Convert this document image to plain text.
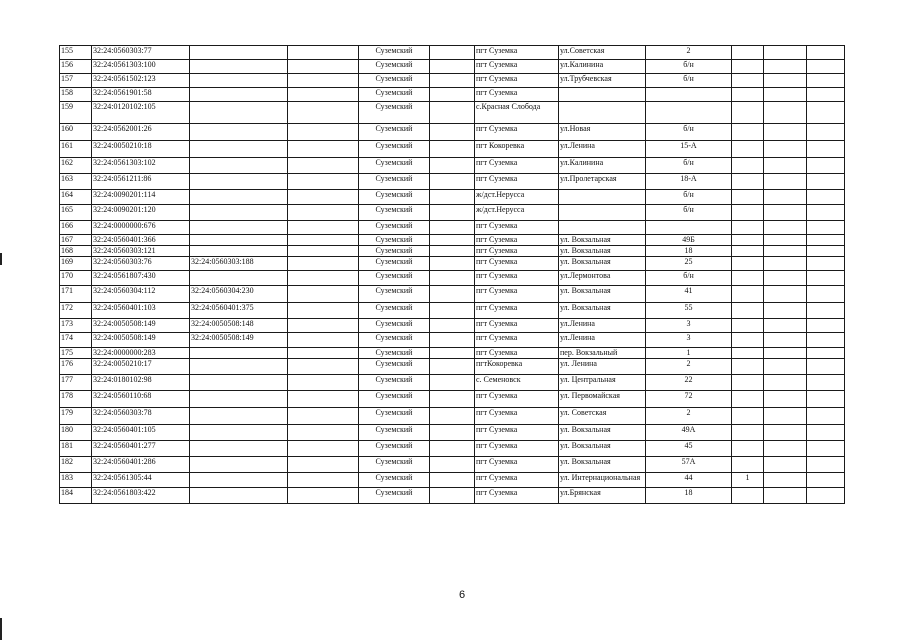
155	32:24:0560303:77			Суземский		пгт Суземка	ул.Советская	2			
156	32:24:0561303:100			Суземский		пгт Суземка	ул.Калинина	б/н			
157	32:24:0561502:123			Суземский		пгт Суземка	ул.Трубчевская	б/н			
158	32:24:0561901:58			Суземский		пгт Суземка					
159	32:24:0120102:105			Суземский		с.Красная Слобода					
160	32:24:0562001:26			Суземский		пгт Суземка	ул.Новая	б/н			
161	32:24:0050210:18			Суземский		пгт Кокоревка	ул.Ленина	15-А			
162	32:24:0561303:102			Суземский		пгт Суземка	ул.Калинина	б/н			
163	32:24:0561211:86			Суземский		пгт Суземка	ул.Пролетарская	18-А			
164	32:24:0090201:114			Суземский		ж/дст.Нерусса		б/н			
165	32:24:0090201:120			Суземский		ж/дст.Нерусса		б/н			
166	32:24:0000000:676			Суземский		пгт Суземка					
167	32:24:0560401:366			Суземский		пгт Суземка	ул. Вокзальная	49Б			
168	32:24:0560303:121			Суземский		пгт Суземка	ул. Вокзальная	18			
169	32:24:0560303:76	32:24:0560303:188		Суземский		пгт Суземка	ул. Вокзальная	25			
170	32:24:0561807:430			Суземский		пгт Суземка	ул.Лермонтова	б/н			
171	32:24:0560304:112	32:24:0560304:230		Суземский		пгт Суземка	ул. Вокзальная	41			
172	32:24:0560401:103	32:24:0560401:375		Суземский		пгт Суземка	ул. Вокзальная	55			
173	32:24:0050508:149	32:24:0050508:148		Суземский		пгт Суземка	ул.Ленина	3			
174	32:24:0050508:149	32:24:0050508:149		Суземский		пгт Суземка	ул.Ленина	3			
175	32:24:0000000:283			Суземский		пгт Суземка	пер. Вокзальный	1			
176	32:24:0050210:17			Суземский		пгтКокоревка	ул. Ленина	2			
177	32:24:0180102:98			Суземский		с. Семеновск	ул. Центральная	22			
178	32:24:0560110:68			Суземский		пгт Суземка	ул. Первомайская	72			
179	32:24:0560303:78			Суземский		пгт Суземка	ул. Советская	2			
180	32:24:0560401:105			Суземский		пгт Суземка	ул. Вокзальная	49А			
181	32:24:0560401:277			Суземский		пгт Суземка	ул. Вокзальная	45			
182	32:24:0560401:286			Суземский		пгт Суземка	ул. Вокзальная	57А			
183	32:24:0561305:44			Суземский		пгт Суземка	ул. Интернациональная	44	1		
184	32:24:0561803:422			Суземский		пгт Суземка	ул.Брянская	18			
6
